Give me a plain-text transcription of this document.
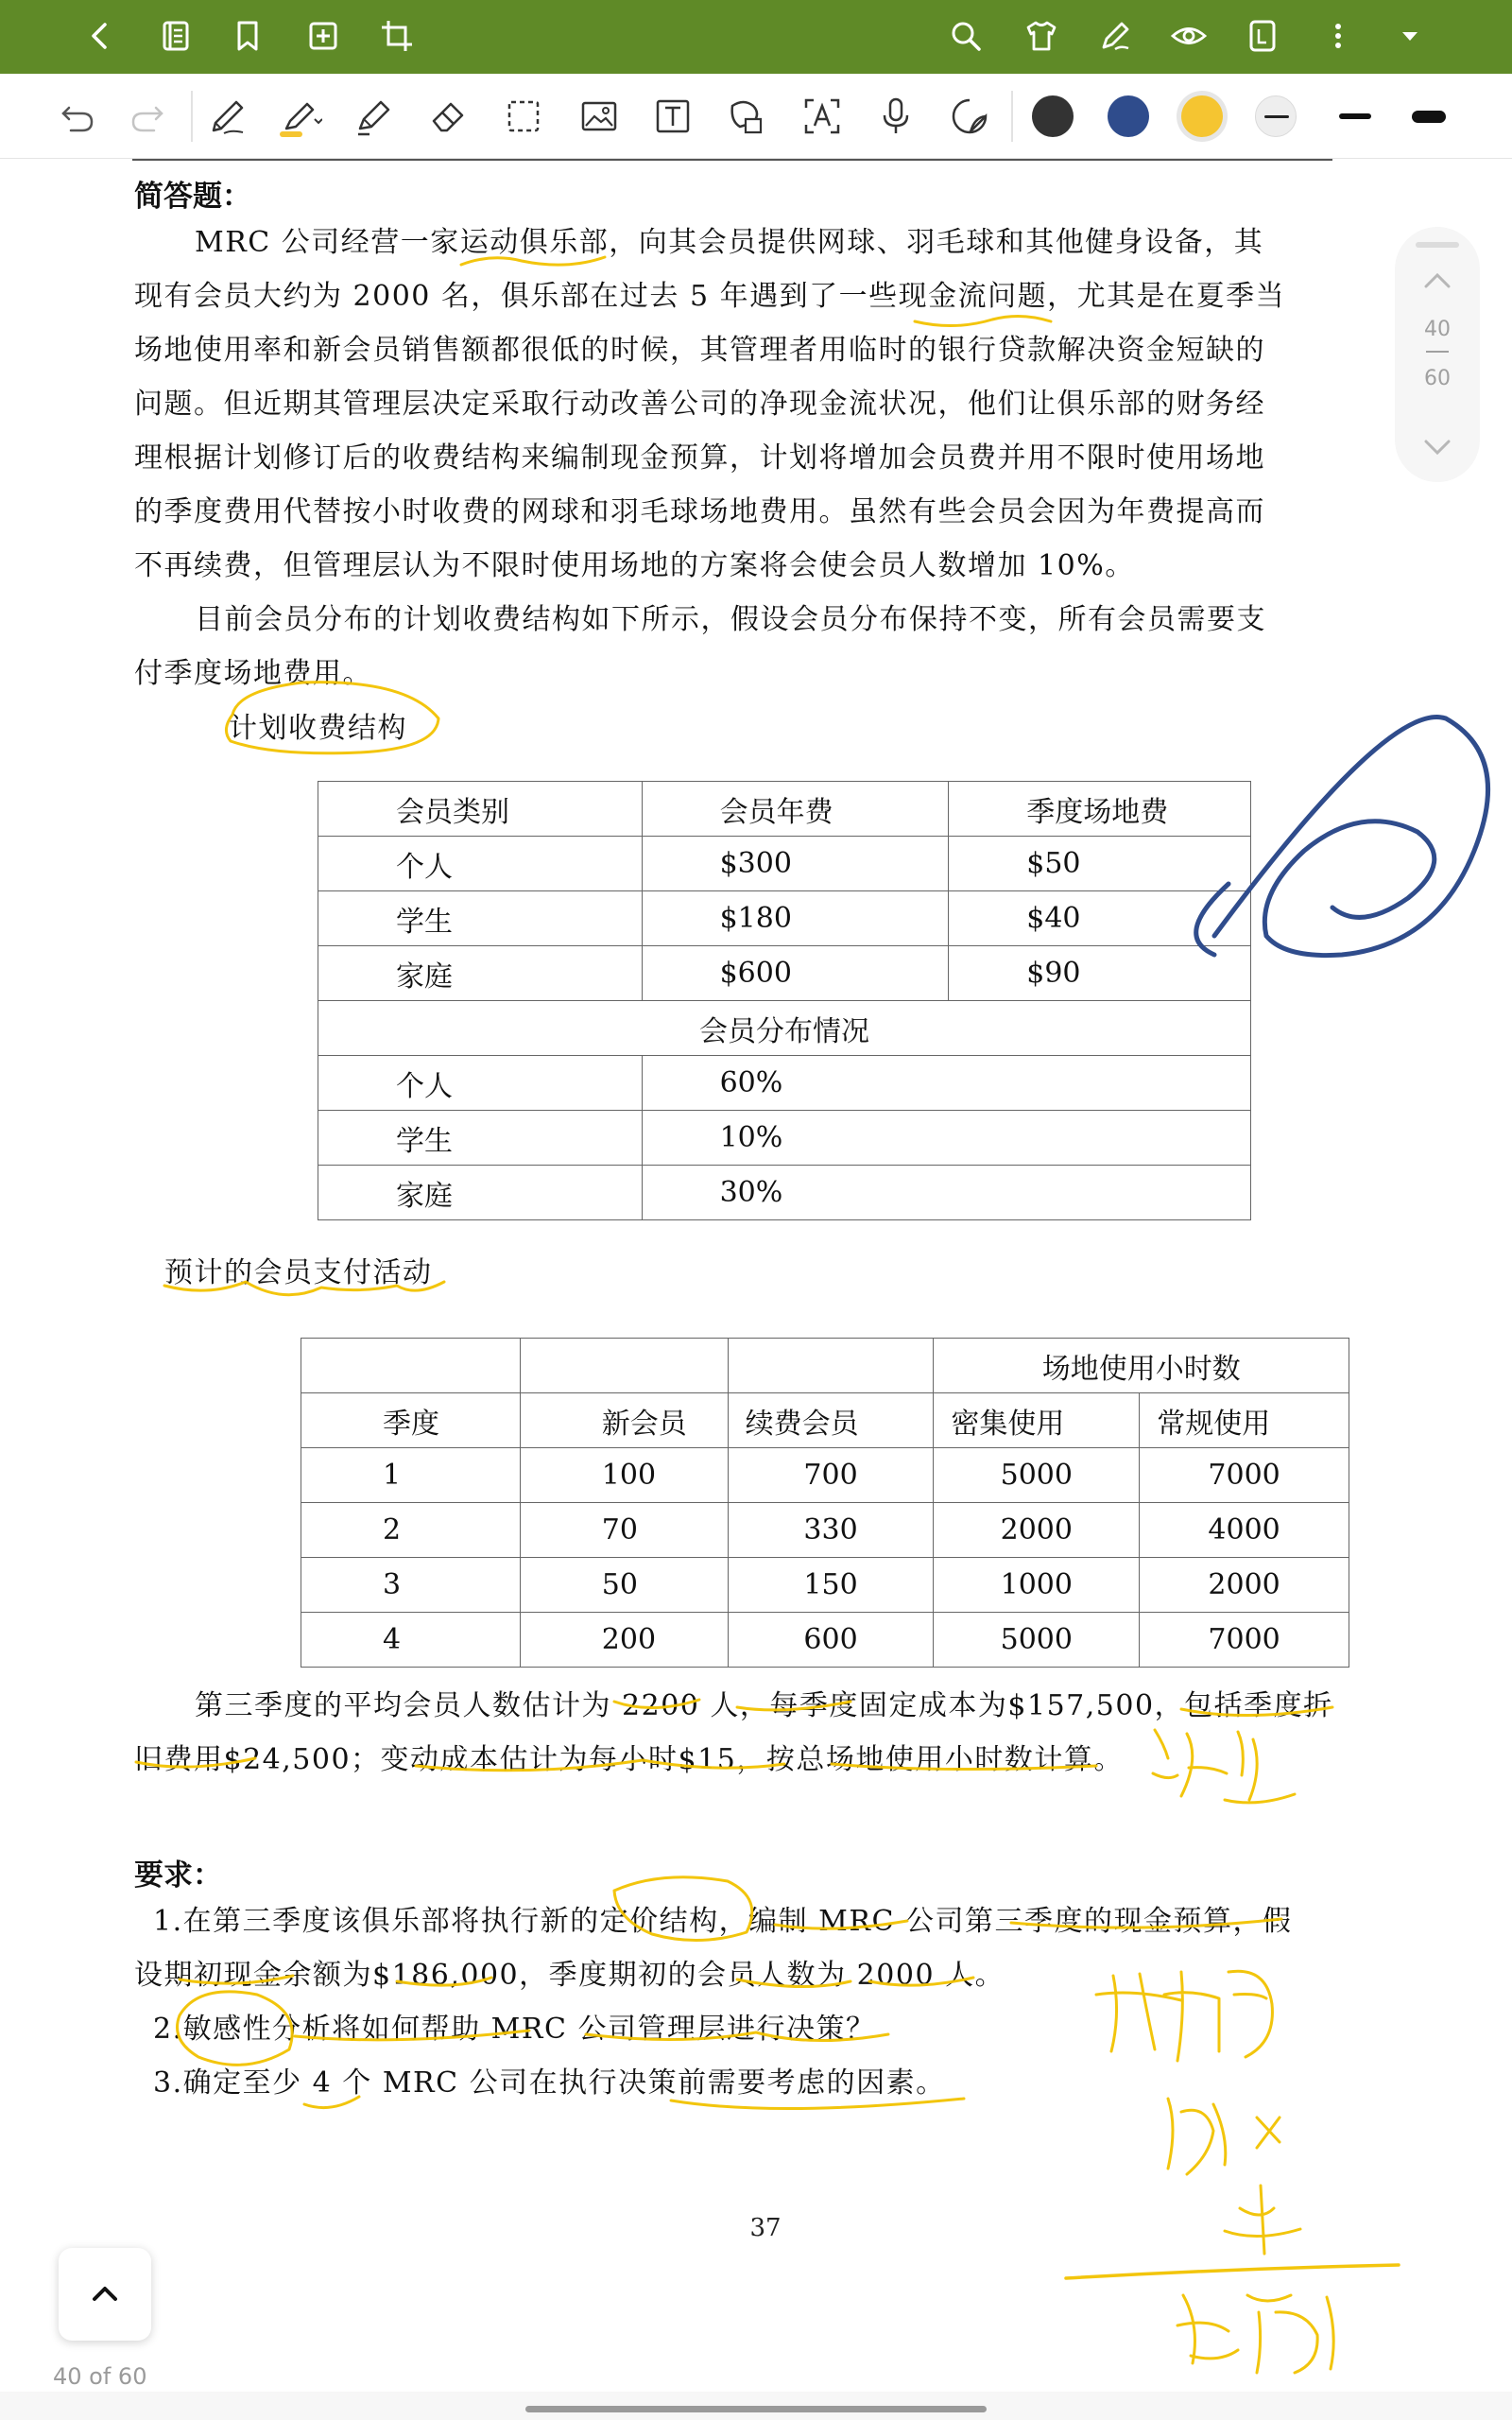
简答题：
MRC 公司经营一家运动俱乐部，向其会员提供网球、羽毛球和其他健身设备，其
现有会员大约为 2000 名，俱乐部在过去 5 年遇到了一些现金流问题，尤其是在夏季当
场地使用率和新会员销售额都很低的时候，其管理者用临时的银行贷款解决资金短缺的
问题。但近期其管理层决定采取行动改善公司的净现金流状况，他们让俱乐部的财务经
理根据计划修订后的收费结构来编制现金预算，计划将增加会员费并用不限时使用场地
的季度费用代替按小时收费的网球和羽毛球场地费用。虽然有些会员会因为年费提高而
不再续费，但管理层认为不限时使用场地的方案将会使会员人数增加 10%。
目前会员分布的计划收费结构如下所示，假设会员分布保持不变，所有会员需要支
付季度场地费用。
计划收费结构
会员类别	会员年费	季度场地费
个人	$300	$50
学生	$180	$40
家庭	$600	$90
会员分布情况		
个人	60%	
学生	10%	
家庭	30%	
预计的会员支付活动
			场地使用小时数	
季度	新会员	续费会员	密集使用	常规使用
1	100	700	5000	7000
2	70	330	2000	4000
3	50	150	1000	2000
4	200	600	5000	7000
第三季度的平均会员人数估计为 2200 人，每季度固定成本为$157,500，包括季度折
旧费用$24,500；变动成本估计为每小时$15，按总场地使用小时数计算。
要求：
1.在第三季度该俱乐部将执行新的定价结构，编制 MRC 公司第三季度的现金预算，假
设期初现金余额为$186,000，季度期初的会员人数为 2000 人。
2.敏感性分析将如何帮助 MRC 公司管理层进行决策？
3.确定至少 4 个 MRC 公司在执行决策前需要考虑的因素。
37
40
60
40 of 60
